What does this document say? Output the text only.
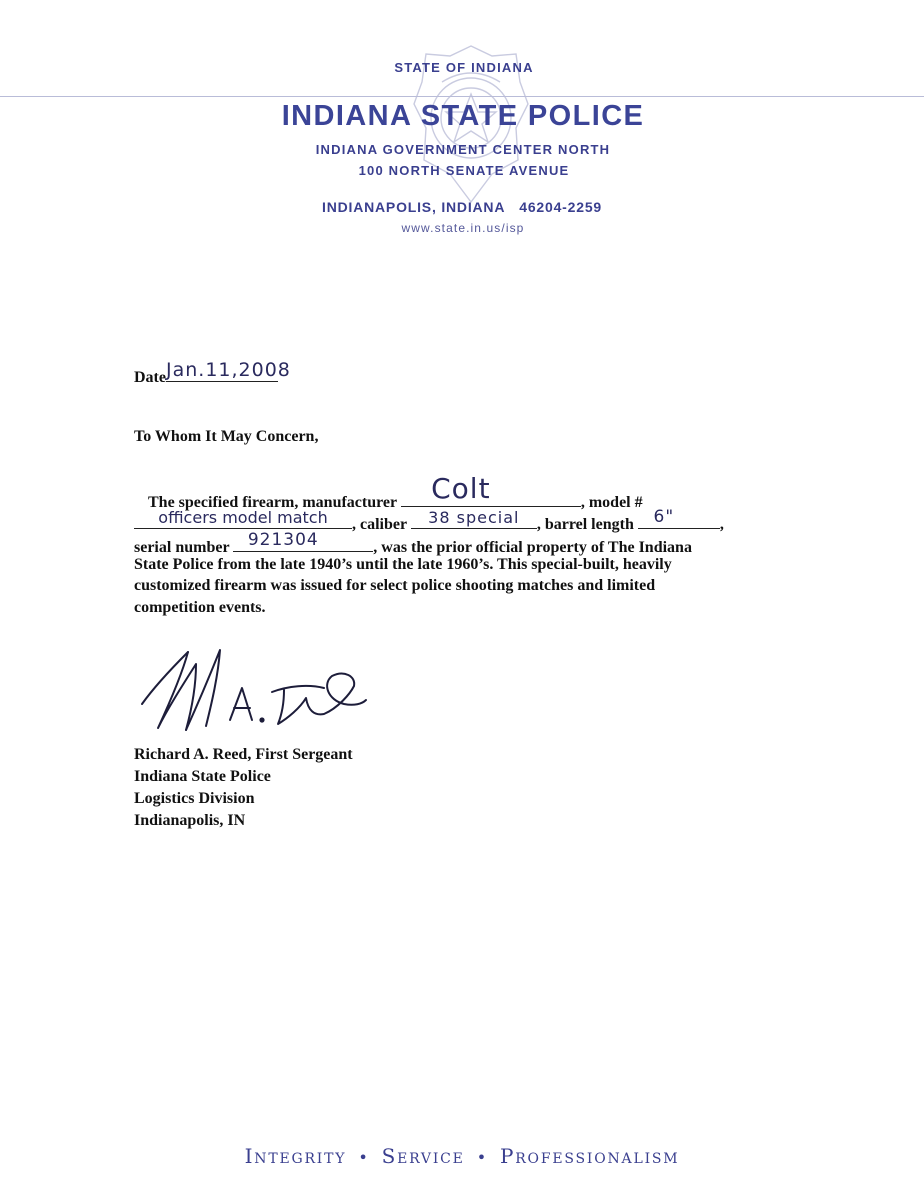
STATE OF INDIANA
INDIANA STATE POLICE
INDIANA GOVERNMENT CENTER NORTH
100 NORTH SENATE AVENUE
INDIANAPOLIS, INDIANA 46204-2259
www.state.in.us/isp
Date Jan.11,2008
To Whom It May Concern,
The specified firearm, manufacturer	Colt	, model #
officers model match	, caliber	38 special	, barrel length	6"	,
serial number	921304	, was the prior official property of The Indiana
State Police from the late 1940’s until the late 1960’s. This special-built, heavily
customized firearm was issued for select police shooting matches and limited
competition events.
Richard A. Reed, First Sergeant
Indiana State Police
Logistics Division
Indianapolis, IN
Integrity • Service • Professionalism
